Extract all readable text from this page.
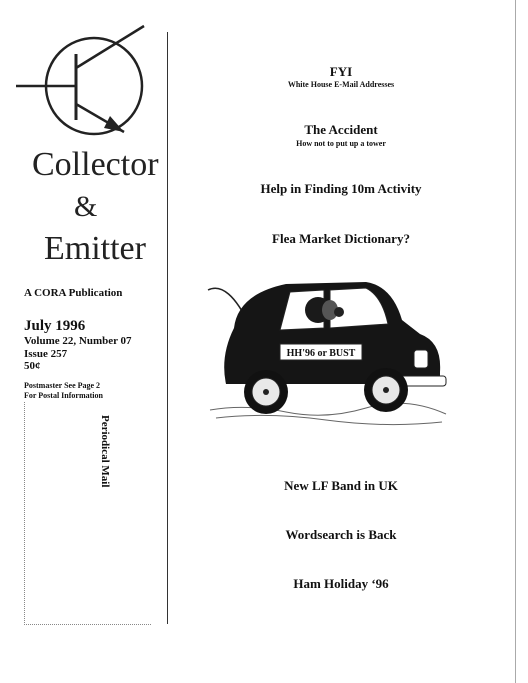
Collector
&
Emitter
A CORA Publication
July 1996
Volume 22, Number 07
Issue 257
50¢
Postmaster See Page 2
For Postal Information
Periodical Mail
FYI
White House E-Mail Addresses
The Accident
How not to put up a tower
Help in Finding 10m Activity
Flea Market Dictionary?
HH'96 or BUST
New LF Band in UK
Wordsearch is Back
Ham Holiday ‘96
